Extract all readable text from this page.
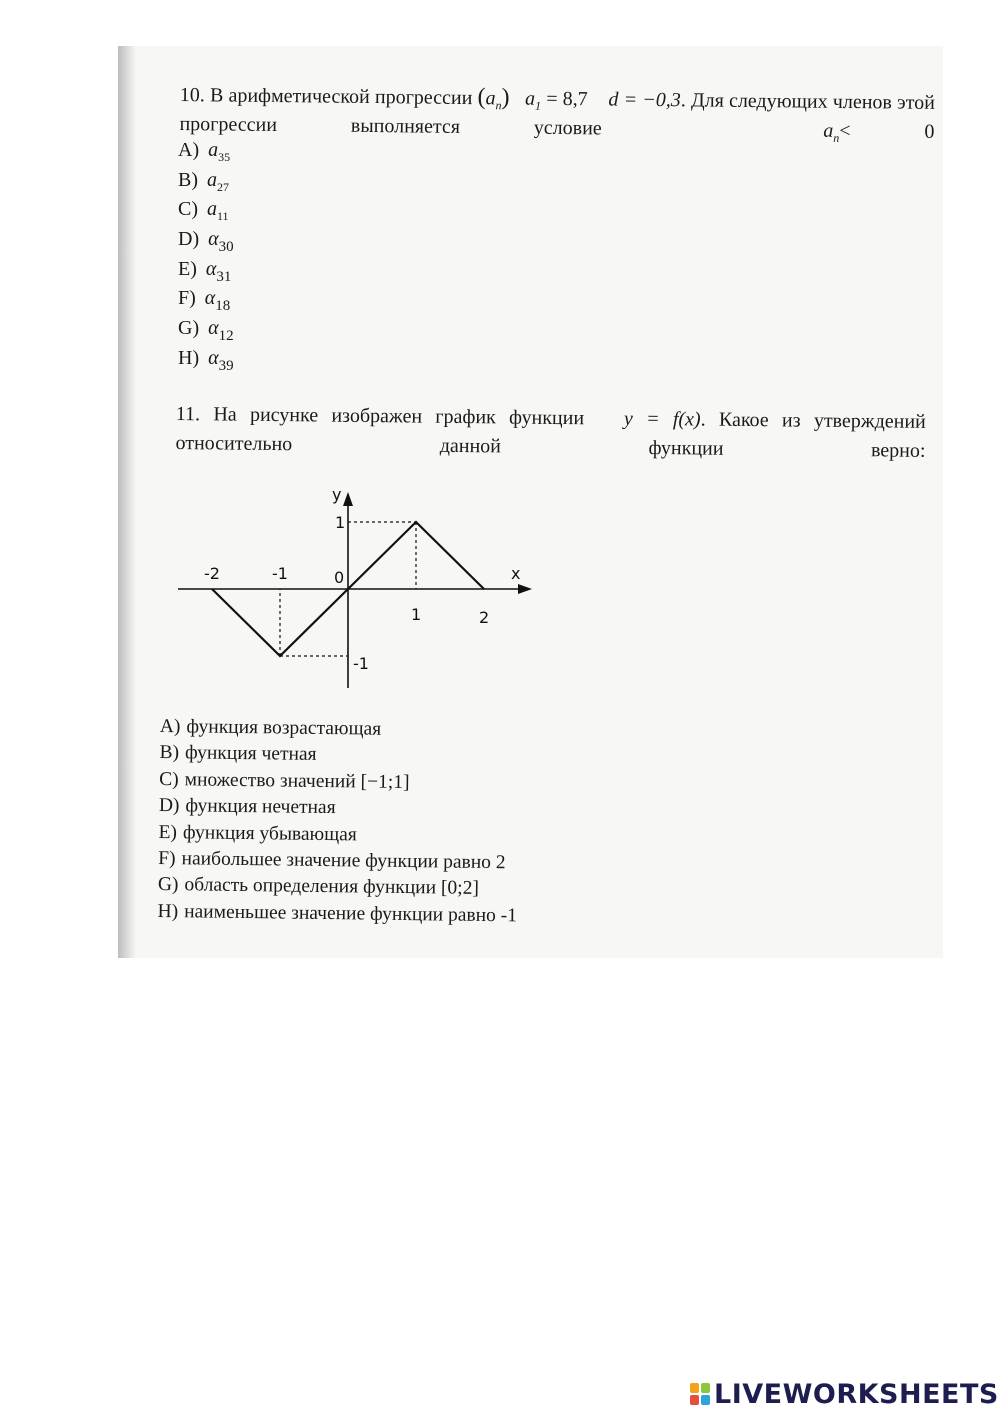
10. В арифметической прогрессии $(a_n) a_1 = 8,7$ d = −0,3. Для следующих членов этой прогрессии выполняется условие	$a_n< 0$

A) $a_{35}$
B) $a_{27}$
C) $a_{11}$
D) $\alpha_{30}$
E) $\alpha_{31}$
F) $\alpha_{18}$
G) $\alpha_{12}$
H) $\alpha_{39}$

11. На рисунке изображен график функции y = f(x). Какое из утверждений относительно данной функции верно:

-2	-1
1	2
0
1
-1
y
x
A) функция возрастающая
B) функция четная
C) множество значений [−1;1]
D) функция нечетная
E) функция убывающая
F) наибольшее значение функции равно 2
G) область определения функции [0;2]
H) наименьшее значение функции равно -1
LIVEWORKSHEETS
